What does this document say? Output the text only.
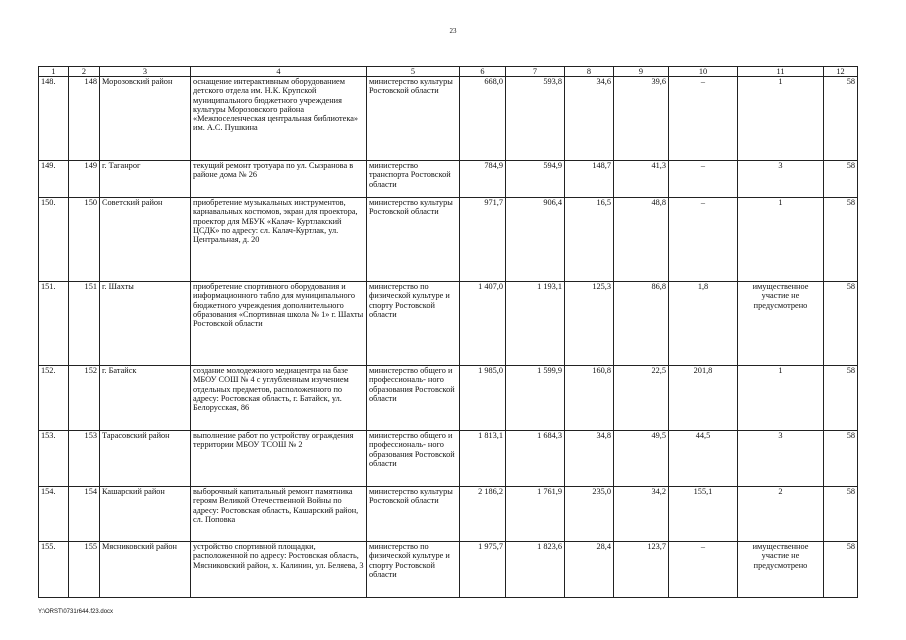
23
1	2	3	4	5	6	7	8	9	10	11	12
148.	148	Морозовский район	оснащение интерактивным оборудованием детского отдела им. Н.К. Крупской муниципального бюджетного учреждения культуры Морозовского района «Межпоселенческая центральная библиотека» им. А.С. Пушкина	министерство культуры Ростовской области	668,0	593,8	34,6	39,6	–	1	58
149.	149	г. Таганрог	текущий ремонт тротуара по ул. Сызранова в районе дома № 26	министерство транспорта Ростовской области	784,9	594,9	148,7	41,3	–	3	58
150.	150	Советский район	приобретение музыкальных инструментов, карнавальных костюмов, экран для проектора, проектор для МБУК «Калач- Куртлакский ЦСДК» по адресу: сл. Калач-Куртлак, ул. Центральная, д. 20	министерство культуры Ростовской области	971,7	906,4	16,5	48,8	–	1	58
151.	151	г. Шахты	приобретение спортивного оборудования и информационного табло для муниципального бюджетного учреждения дополнительного образования «Спортивная школа № 1» г. Шахты Ростовской области	министерство по физической культуре и спорту Ростовской области	1 407,0	1 193,1	125,3	86,8	1,8	имущественное участие не предусмотрено	58
152.	152	г. Батайск	создание молодежного медиацентра на базе МБОУ СОШ № 4 с углубленным изучением отдельных предметов, расположенного по адресу: Ростовская область, г. Батайск, ул. Белорусская, 86	министерство общего и профессиональ- ного образования Ростовской области	1 985,0	1 599,9	160,8	22,5	201,8	1	58
153.	153	Тарасовский район	выполнение работ по устройству ограждения территории МБОУ ТСОШ № 2	министерство общего и профессиональ- ного образования Ростовской области	1 813,1	1 684,3	34,8	49,5	44,5	3	58
154.	154	Кашарский район	выборочный капитальный ремонт памятника героям Великой Отечественной Войны по адресу: Ростовская область, Кашарский район, сл. Поповка	министерство культуры Ростовской области	2 186,2	1 761,9	235,0	34,2	155,1	2	58
155.	155	Мясниковский район	устройство спортивной площадки, расположенной по адресу: Ростовская область, Мясниковский район, х. Калинин, ул. Беляева, 3	министерство по физической культуре и спорту Ростовской области	1 975,7	1 823,6	28,4	123,7	–	имущественное участие не предусмотрено	58
Y:\ORST\0731r644.f23.docx
